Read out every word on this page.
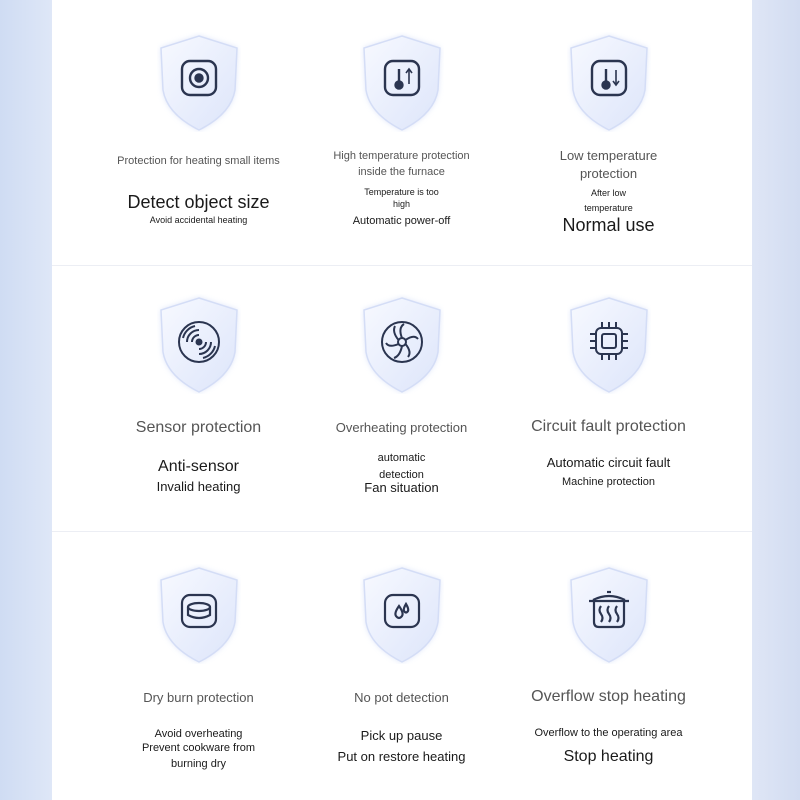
Protection for heating small items
Detect object size
Avoid accidental heating
High temperature protection
inside the furnace
Temperature is too
high
Automatic power-off
Low temperature
protection
After low
temperature
Normal use
Sensor protection
Anti-sensor
Invalid heating
Overheating protection
automatic
detection
Fan situation
Circuit fault protection
Automatic circuit fault
Machine protection
Dry burn protection
Avoid overheating
Prevent cookware from
burning dry
No pot detection
Pick up pause
Put on restore heating
Overflow stop heating
Overflow to the operating area
Stop heating
